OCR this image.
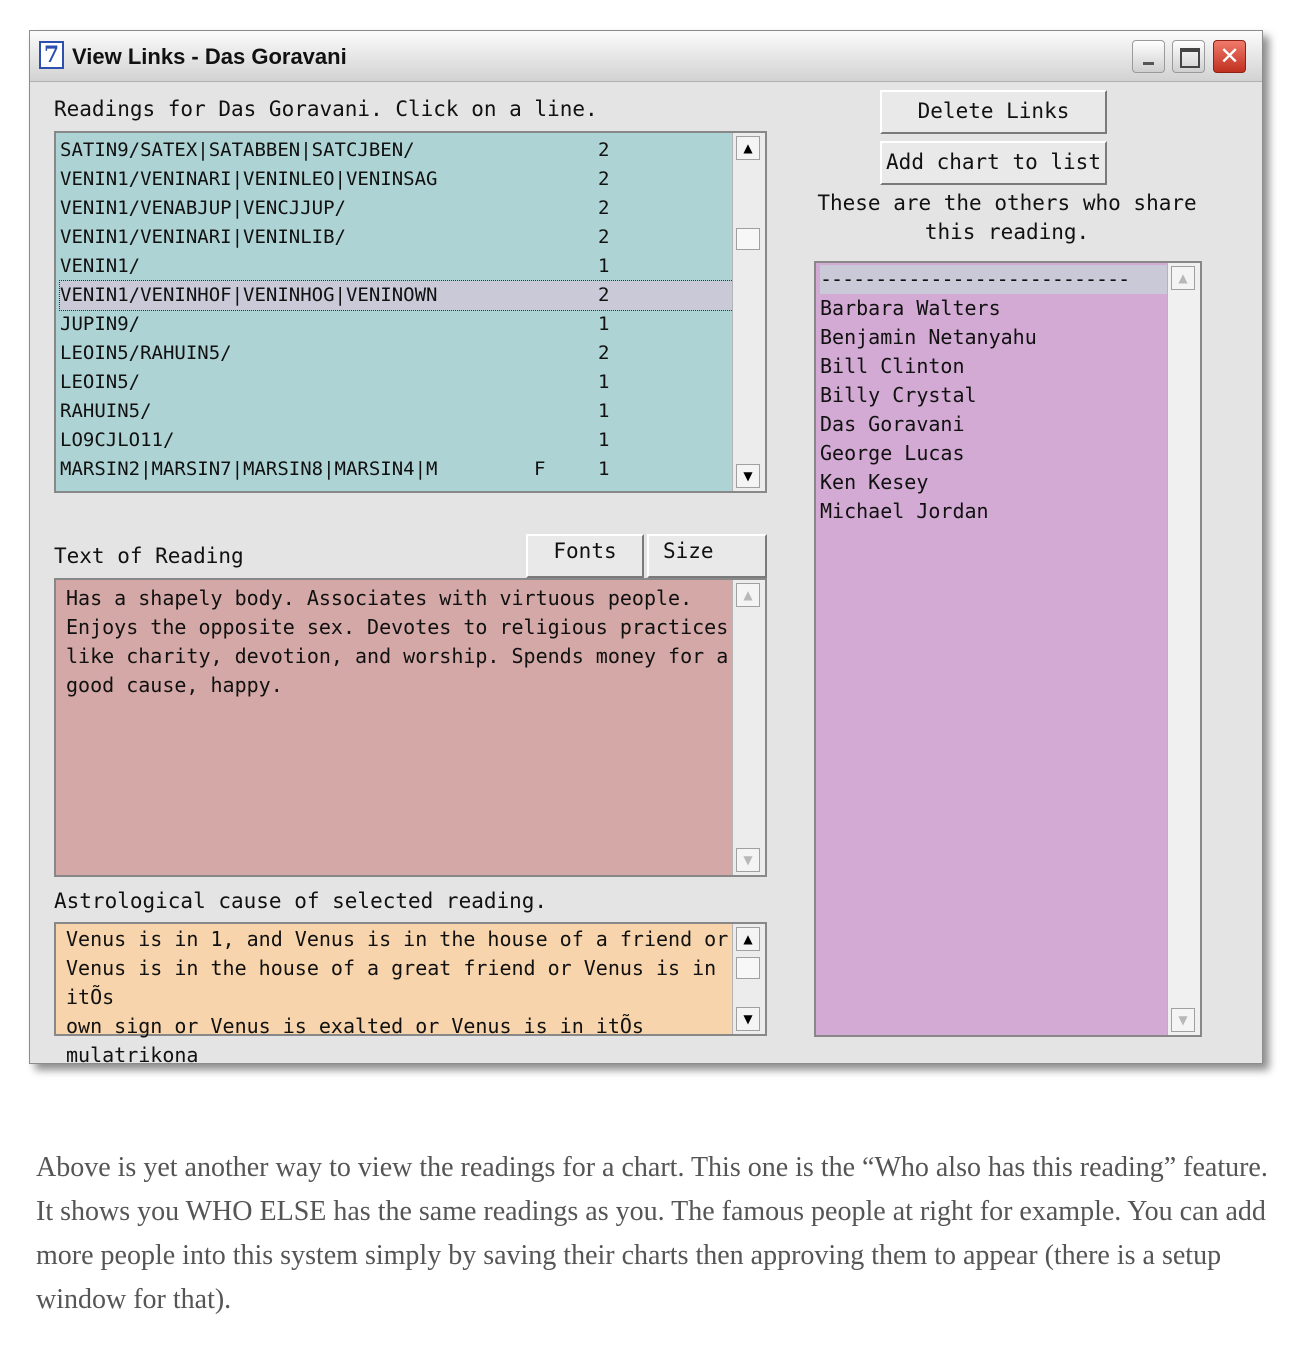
7 View Links - Das Goravani	✕
Readings for Das Goravani. Click on a line.
SATIN9/SATEX|SATABBEN|SATCJBEN/	2
VENIN1/VENINARI|VENINLEO|VENINSAG	2
VENIN1/VENABJUP|VENCJJUP/	2
VENIN1/VENINARI|VENINLIB/	2
VENIN1/	1
VENIN1/VENINHOF|VENINHOG|VENINOWN	2
JUPIN9/	1
LEOIN5/RAHUIN5/	2
LEOIN5/	1
RAHUIN5/	1
LO9CJLO11/	1
MARSIN2|MARSIN7|MARSIN8|MARSIN4|M	F	1
▲
▼
Delete Links
Add chart to list
These are the others who share
this reading.
----------------------------
Barbara Walters
Benjamin Netanyahu
Bill Clinton
Billy Crystal
Das Goravani
George Lucas
Ken Kesey
Michael Jordan
▲
▼
Text of Reading	Fonts	Size
Has a shapely body. Associates with virtuous people.
Enjoys the opposite sex. Devotes to religious practices
like charity, devotion, and worship. Spends money for a
good cause, happy.
▲
▼
Astrological cause of selected reading.
Venus is in 1, and Venus is in the house of a friend or
Venus is in the house of a great friend or Venus is in itÕs
own sign or Venus is exalted or Venus is in itÕs
mulatrikona
▲
▼
Above is yet another way to view the readings for a chart. This one is the “Who also has this reading” feature. It shows you WHO ELSE has the same readings as you. The famous people at right for example. You can add more people into this system simply by saving their charts then approving them to appear (there is a setup window for that).
